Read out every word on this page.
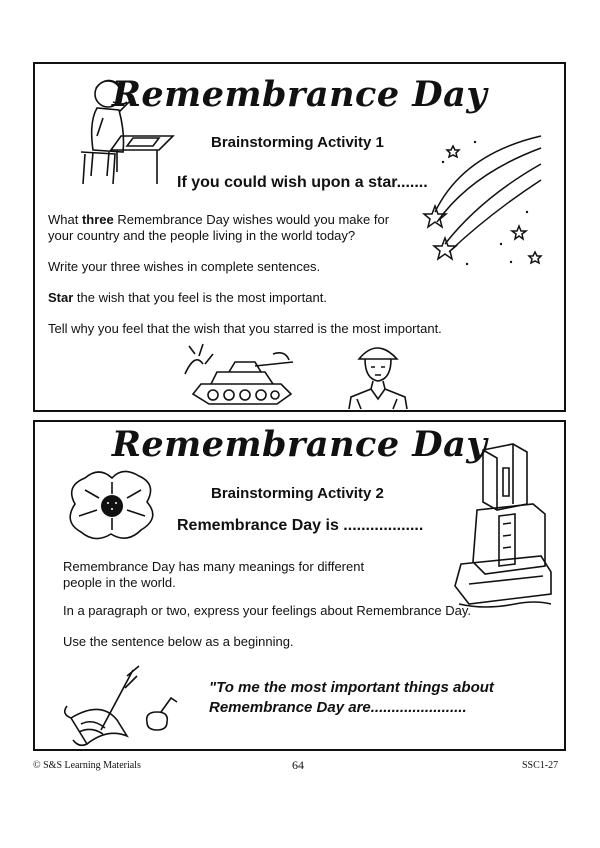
Remembrance Day
Brainstorming Activity 1
If you could wish upon a star.......
What three Remembrance Day wishes would you make for
your country and the people living in the world today?
Write your three wishes in complete sentences.
Star the wish that you feel is the most important.
Tell why you feel that the wish that you starred is the most important.
Remembrance Day
Brainstorming Activity 2
Remembrance Day is ..................
Remembrance Day has many meanings for different
people in the world.
In a paragraph or two, express your feelings about Remembrance Day.
Use the sentence below as a beginning.
"To me the most important things about
Remembrance Day are.......................
© S&S Learning Materials	64	SSC1-27
